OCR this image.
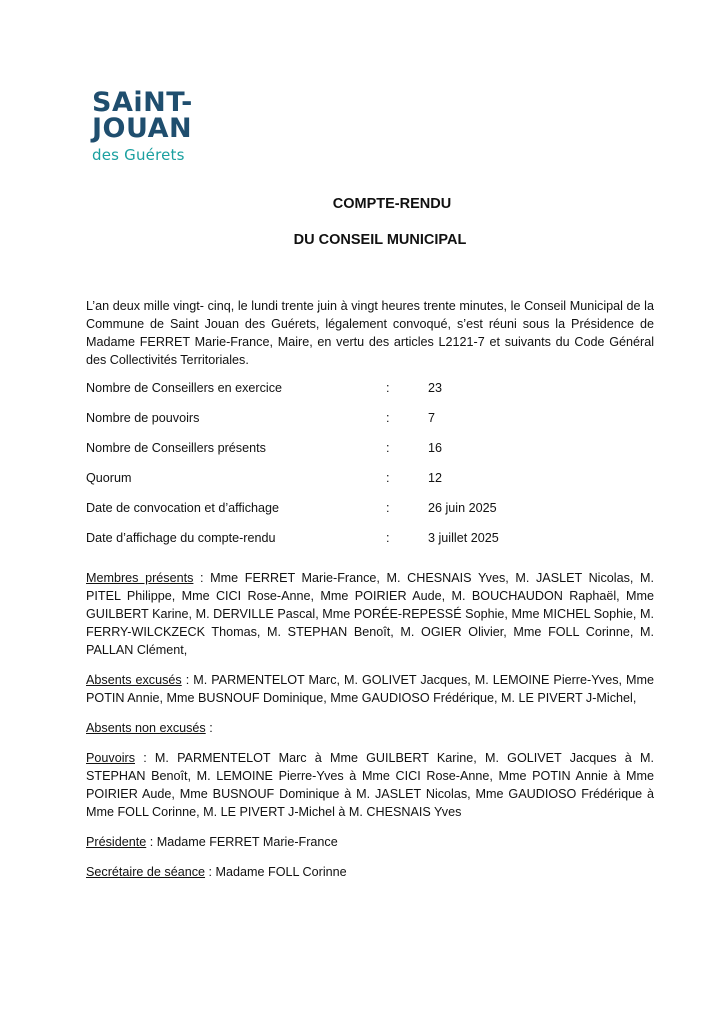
SAiNT-
JOUAN
des Guérets
COMPTE-RENDU
DU CONSEIL MUNICIPAL

L’an deux mille vingt- cinq, le lundi trente juin à vingt heures trente minutes, le Conseil Municipal de la Commune de Saint Jouan des Guérets, légalement convoqué, s’est réuni sous la Présidence de Madame FERRET Marie-France, Maire, en vertu des articles L2121-7 et suivants du Code Général des Collectivités Territoriales.

Nombre de Conseillers en exercice	:	23
Nombre de pouvoirs	:	7
Nombre de Conseillers présents	:	16
Quorum	:	12
Date de convocation et d’affichage	:	26 juin 2025
Date d’affichage du compte-rendu	:	3 juillet 2025

Membres présents : Mme FERRET Marie-France, M. CHESNAIS Yves, M. JASLET Nicolas, M. PITEL Philippe, Mme CICI Rose-Anne, Mme POIRIER Aude, M. BOUCHAUDON Raphaël, Mme GUILBERT Karine, M. DERVILLE Pascal, Mme PORÉE-REPESSÉ Sophie, Mme MICHEL Sophie, M. FERRY-WILCKZECK Thomas, M. STEPHAN Benoît, M. OGIER Olivier, Mme FOLL Corinne, M. PALLAN Clément,

Absents excusés : M. PARMENTELOT Marc, M. GOLIVET Jacques, M. LEMOINE Pierre-Yves, Mme POTIN Annie, Mme BUSNOUF Dominique, Mme GAUDIOSO Frédérique, M. LE PIVERT J-Michel,

Absents non excusés :

Pouvoirs : M. PARMENTELOT Marc à Mme GUILBERT Karine, M. GOLIVET Jacques à M. STEPHAN Benoît, M. LEMOINE Pierre-Yves à Mme CICI Rose-Anne, Mme POTIN Annie à Mme POIRIER Aude, Mme BUSNOUF Dominique à M. JASLET Nicolas, Mme GAUDIOSO Frédérique à Mme FOLL Corinne, M. LE PIVERT J-Michel à M. CHESNAIS Yves

Présidente : Madame FERRET Marie-France

Secrétaire de séance : Madame FOLL Corinne
